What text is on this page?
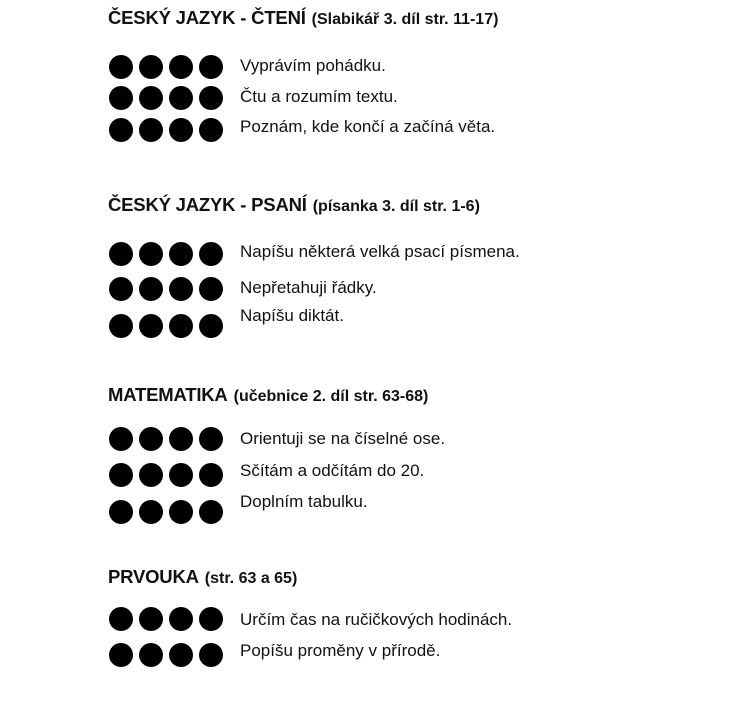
ČESKÝ JAZYK - ČTENÍ (Slabikář 3. díl str. 11-17)
Vyprávím pohádku.
Čtu a rozumím textu.
Poznám, kde končí a začíná věta.
ČESKÝ JAZYK - PSANÍ (písanka 3. díl str. 1-6)
Napíšu některá velká psací písmena.
Nepřetahuji řádky.
Napíšu diktát.
MATEMATIKA (učebnice 2. díl str. 63-68)
Orientuji se na číselné ose.
Sčítám a odčítám do 20.
Doplním tabulku.
PRVOUKA (str. 63 a 65)
Určím čas na ručičkových hodinách.
Popíšu proměny v přírodě.
